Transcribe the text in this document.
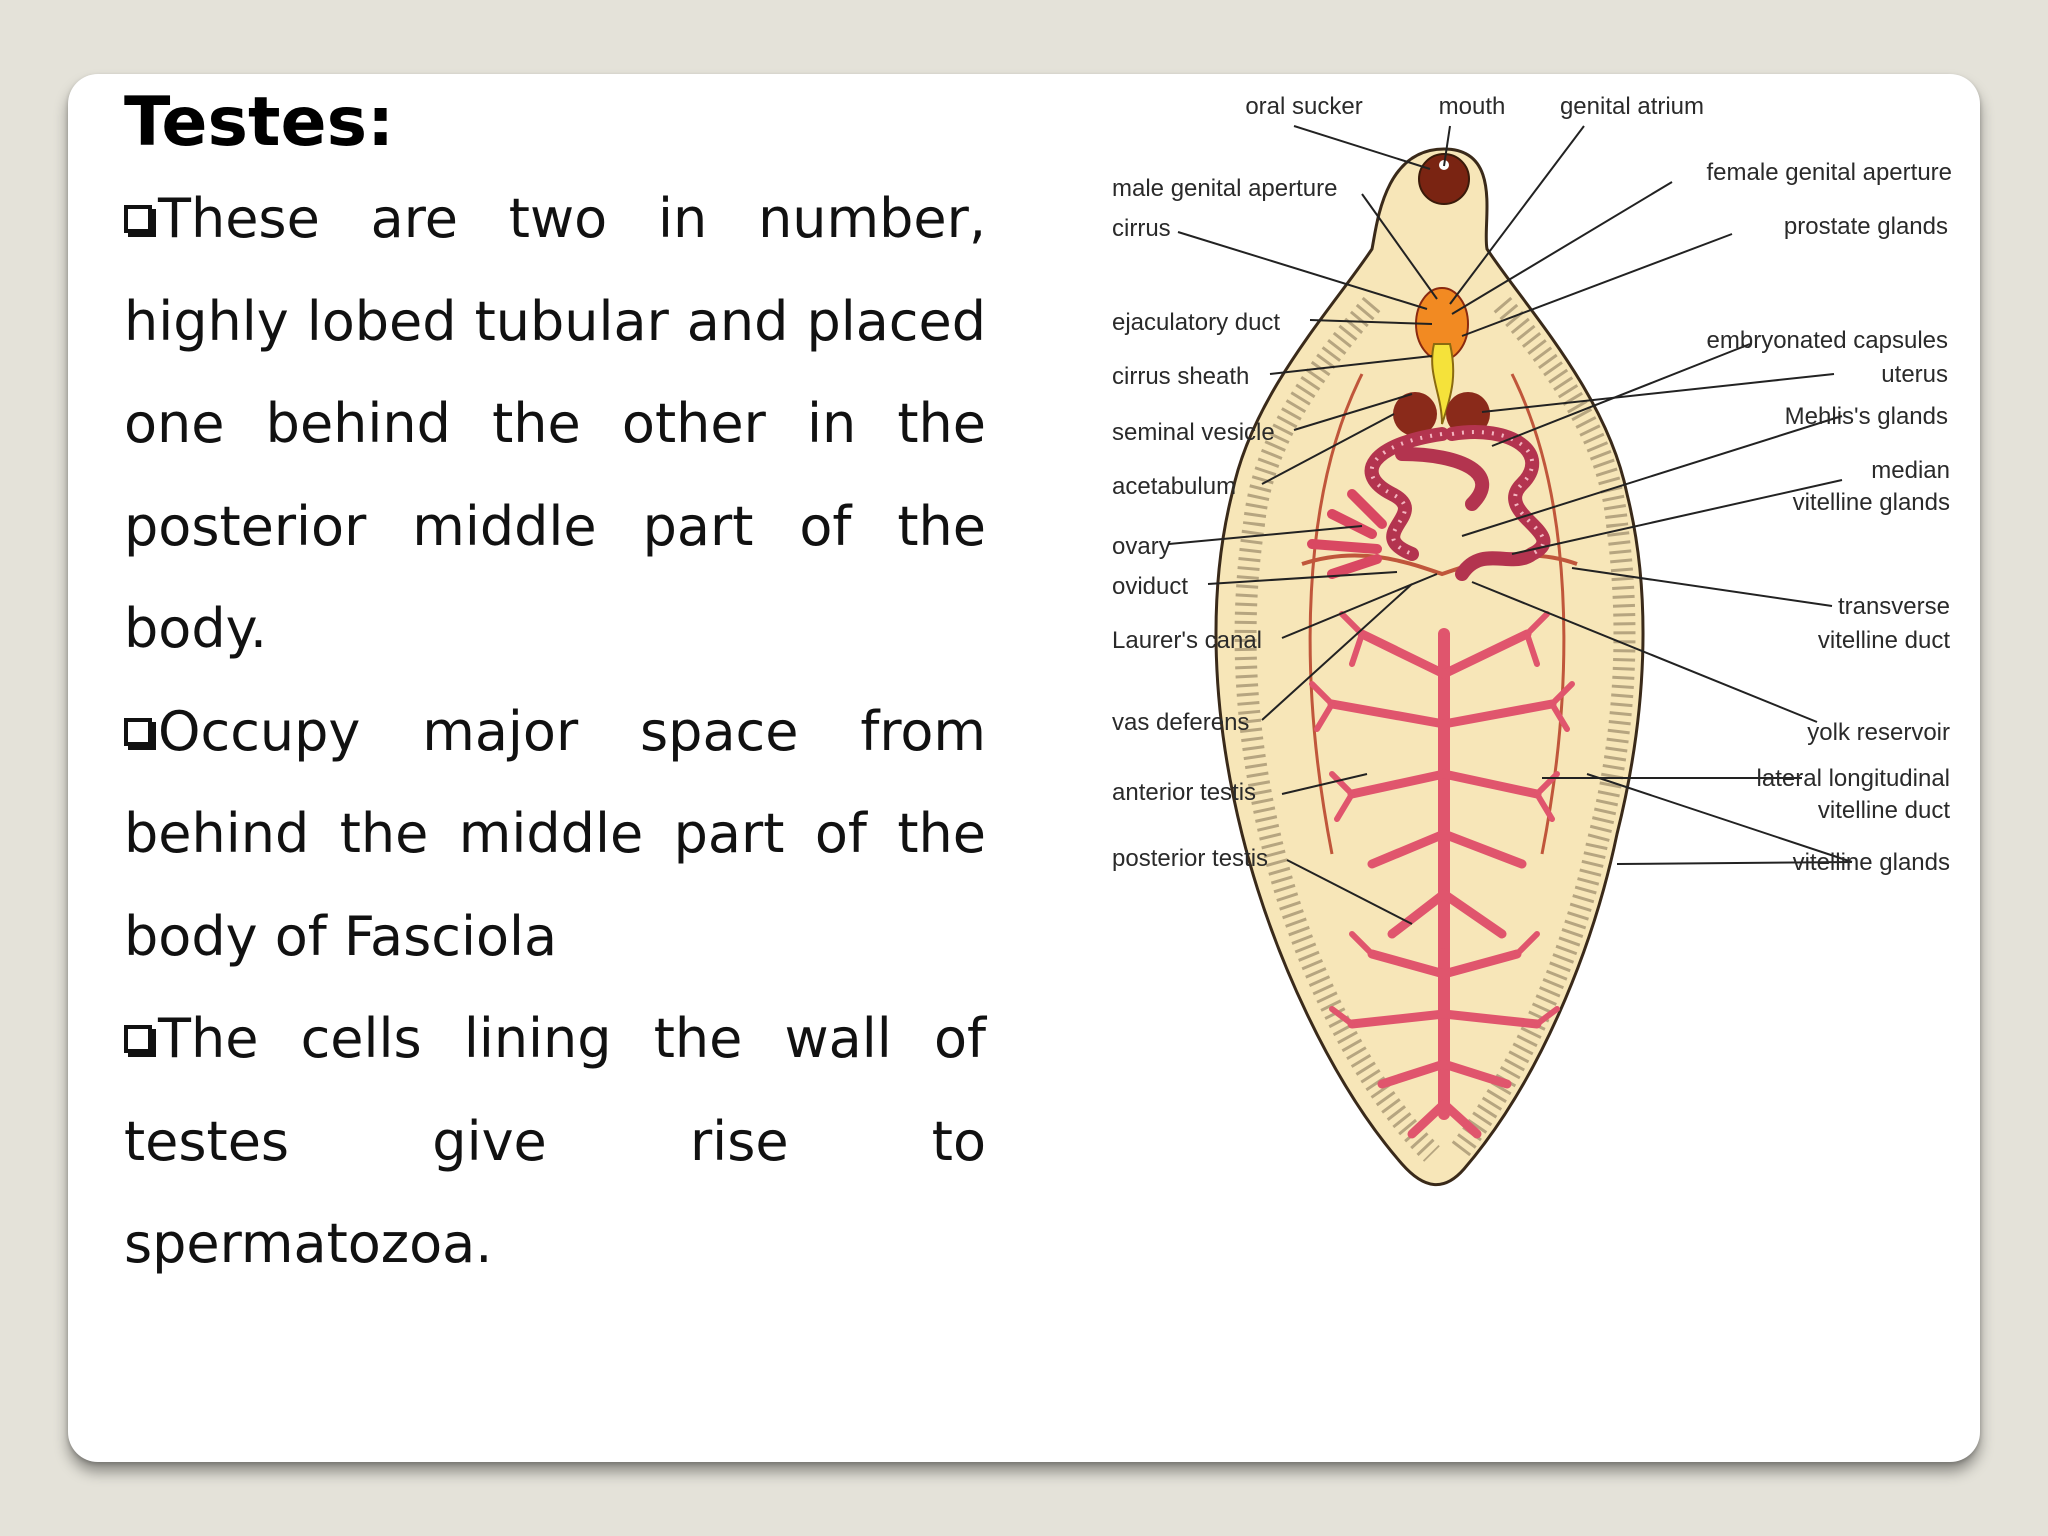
Testes:

These are two in number, highly lobed tubular and placed one behind the other in the posterior middle part of the body.

Occupy major space from behind the middle part of the body of Fasciola

The cells lining the wall of testes give rise to spermatozoa.

oral sucker	mouth genital atrium
male genital aperture
female genital aperture
cirrus	prostate glands
ejaculatory duct
embryonated capsules
uterus
cirrus sheath
Mehlis's glands
seminal vesicle
median
vitelline glands
acetabulum
ovary
oviduct
transverse
vitelline duct
Laurer's canal
vas deferens	yolk reservoir
anterior testis
lateral longitudinal
vitelline duct
posterior testis	vitelline glands
